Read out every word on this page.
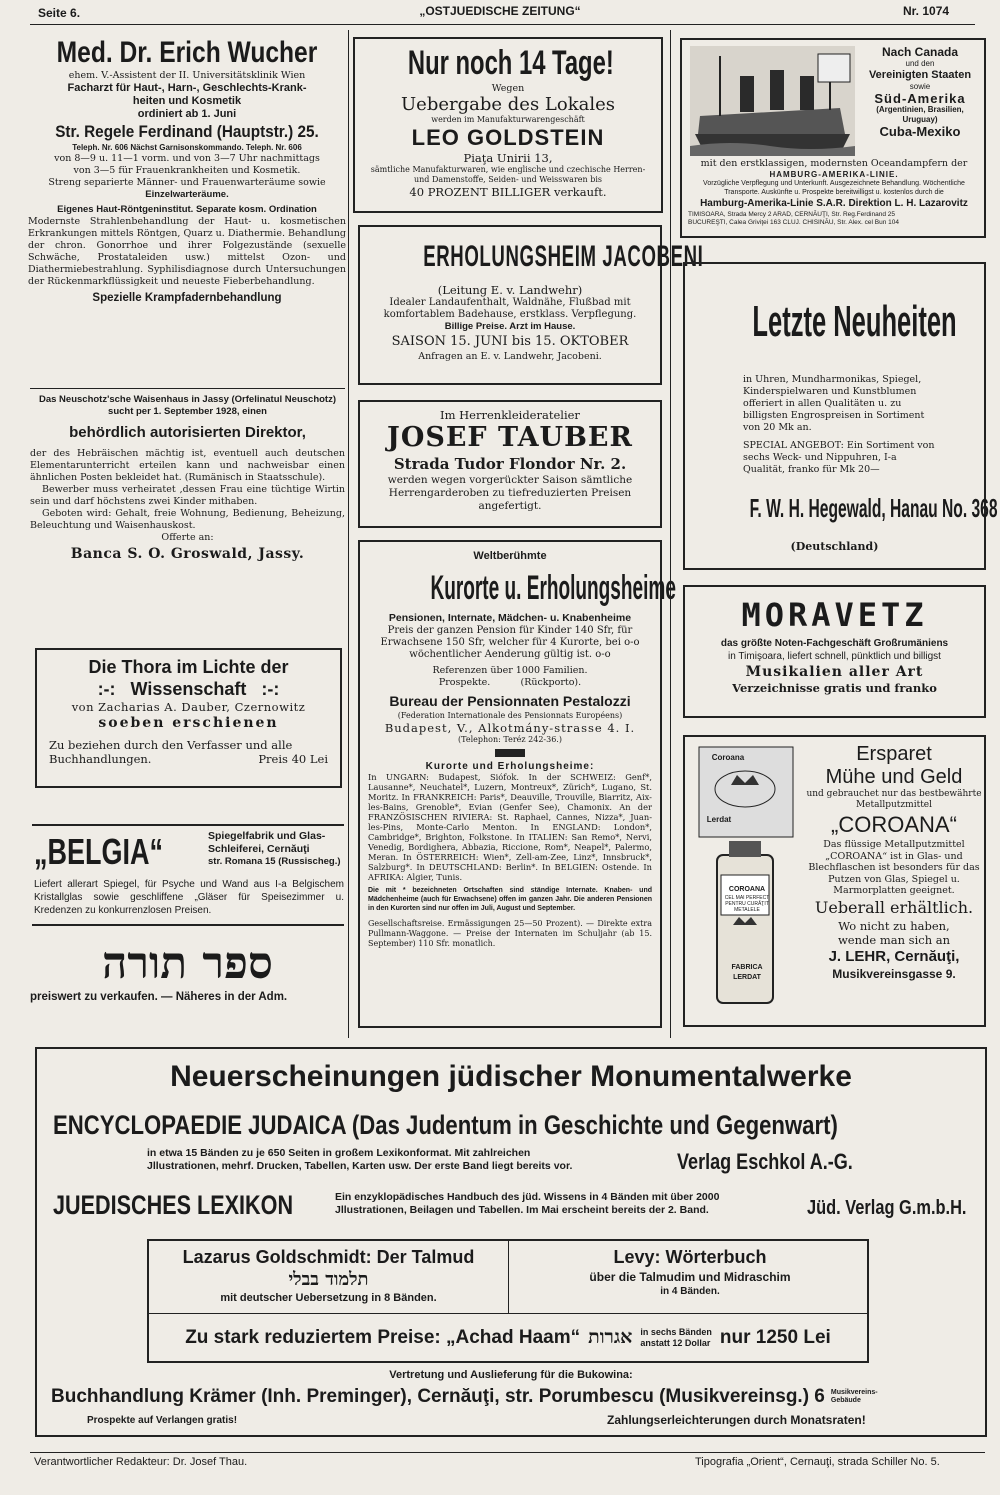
Seite 6.	„OSTJUEDISCHE ZEITUNG“	Nr. 1074
Med. Dr. Erich Wucher

ehem. V.-Assistent der II. Universitätsklinik Wien

Facharzt für Haut-, Harn-, Geschlechts-Krank-

heiten und Kosmetik

ordiniert ab 1. Juni

Str. Regele Ferdinand (Hauptstr.) 25.

Teleph. Nr. 606 Nächst Garnisonskommando. Teleph. Nr. 606

von 8—9 u. 11—1 vorm. und von 3—7 Uhr nachmittags

von 3—5 für Frauenkrankheiten und Kosmetik.

Streng separierte Männer- und Frauenwarteräume sowie

Einzelwarteräume.

Eigenes Haut-Röntgeninstitut. Separate kosm. Ordination

Modernste Strahlenbehandlung der Haut- u. kosmetischen Erkrankungen mittels Röntgen, Quarz u. Diathermie. Behandlung der chron. Gonorrhoe und ihrer Folgezustände (sexuelle Schwäche, Prostataleiden usw.) mittelst Ozon- und Diathermiebestrahlung. Syphilisdiagnose durch Untersuchungen der Rückenmarkflüssigkeit und neueste Fieberbehandlung.

Spezielle Krampfadernbehandlung

Das Neuschotz'sche Waisenhaus in Jassy (Orfelinatul Neuschotz) sucht per 1. September 1928, einen

behördlich autorisierten Direktor,

der des Hebräischen mächtig ist, eventuell auch deutschen Elementarunterricht erteilen kann und nachweisbar einen ähnlichen Posten bekleidet hat. (Rumänisch in Staatsschule).

Bewerber muss verheiratet ,dessen Frau eine tüchtige Wirtin sein und darf höchstens zwei Kinder mithaben.

Geboten wird: Gehalt, freie Wohnung, Bedienung, Beheizung, Beleuchtung und Waisenhauskost.

Offerte an:

Banca S. O. Groswald, Jassy.

Die Thora im Lichte der

:-:   Wissenschaft   :-:

von Zacharias A. Dauber, Czernowitz

soeben erschienen

Zu beziehen durch den Verfasser und alle

Buchhandlungen.	Preis 40 Lei
„BELGIA“	Spiegelfabrik und Glas-

Schleiferei, Cernăuţi

str. Romana 15 (Russischeg.)

Liefert allerart Spiegel, für Psyche und Wand aus I-a Belgischem Kristallglas sowie geschliffene „Gläser für Speisezimmer u. Kredenzen zu konkurrenzlosen Preisen.

ספר תורה

preiswert zu verkaufen. — Näheres in der Adm.

Nur noch 14 Tage!

Wegen

Uebergabe des Lokales

werden im Manufakturwarengeschäft

LEO GOLDSTEIN

Piaţa Unirii 13,

sämtliche Manufakturwaren, wie englische und czechische Herren- und Damenstoffe, Seiden- und Weisswaren bis

40 PROZENT BILLIGER verkauft.

ERHOLUNGSHEIM JACOBENI

(Leitung E. v. Landwehr)

Idealer Landaufenthalt, Waldnähe, Flußbad mit komfortablem Badehause, erstklass. Verpflegung.

Billige Preise. Arzt im Hause.

SAISON 15. JUNI bis 15. OKTOBER

Anfragen an E. v. Landwehr, Jacobeni.

Im Herrenkleideratelier

JOSEF TAUBER

Strada Tudor Flondor Nr. 2.

werden wegen vorgerückter Saison sämtliche Herrengarderoben zu tiefreduzierten Preisen angefertigt.

Weltberühmte

Kurorte u. Erholungsheime

Pensionen, Internate, Mädchen- u. Knabenheime

Preis der ganzen Pension für Kinder 140 Sfr, für Erwachsene 150 Sfr, welcher für 4 Kurorte, bei o-o wöchentlicher Aenderung gültig ist. o-o

Referenzen über 1000 Familien.

Prospekte.          (Rückporto).

Bureau der Pensionnaten Pestalozzi

(Federation Internationale des Pensionnats Européens)

Budapest, V., Alkotmány-strasse 4. I.

(Telephon: Teréz 242-36.)

Kurorte und Erholungsheime:

In UNGARN: Budapest, Siófok. In der SCHWEIZ: Genf*, Lausanne*, Neuchatel*, Luzern, Montreux*, Zürich*, Lugano, St. Moritz. In FRANKREICH: Paris*, Deauville, Trouville, Biarritz, Aix-les-Bains, Grenoble*, Evian (Genfer See), Chamonix. An der FRANZÖSISCHEN RIVIERA: St. Raphael, Cannes, Nizza*, Juan-les-Pins, Monte-Carlo Menton. In ENGLAND: London*, Cambridge*, Brighton, Folkstone. In ITALIEN: San Remo*, Nervi, Venedig, Bordighera, Abbazia, Riccione, Rom*, Neapel*, Palermo, Meran. In ÖSTERREICH: Wien*, Zell-am-Zee, Linz*, Innsbruck*, Salzburg*. In DEUTSCHLAND: Berlin*. In BELGIEN: Ostende. In AFRIKA: Algier, Tunis.

Die mit * bezeichneten Ortschaften sind ständige Internate. Knaben- und Mädchenheime (auch für Erwachsene) offen im ganzen Jahr. Die anderen Pensionen in den Kurorten sind nur offen im Juli, August und September.

Gesellschaftsreise. Ermässigungen 25—50 Prozent). — Direkte extra Pullmann-Waggone. — Preise der Internaten im Schuljahr (ab 15. September) 110 Sfr. monatlich.

Nach Canada

und den

Vereinigten Staaten

sowie

Süd-Amerika

(Argentinien, Brasilien,

Uruguay)

Cuba-Mexiko

mit den erstklassigen, modernsten Oceandampfern der

HAMBURG-AMERIKA-LINIE.

Vorzügliche Verpflegung und Unterkunft. Ausgezeichnete Behandlung. Wöchentliche Transporte. Auskünfte u. Prospekte bereitwilligst u. kostenlos durch die

Hamburg-Amerika-Linie S.A.R. Direktion L. H. Lazarovitz

TIMISOARA, Strada Mercy 2 ARAD, CERNĂUŢI, Str. Reg.Ferdinand 25

BUCUREŞTI, Calea Griviţei 163 CLUJ. CHISINĂU, Str. Alex. cel Bun 104

Letzte Neuheiten

in Uhren, Mundharmonikas, Spiegel, Kinderspielwaren und Kunstblumen offeriert in allen Qualitäten u. zu billigsten Engrospreisen in Sortiment von 20 Mk an.

SPECIAL ANGEBOT: Ein Sortiment von sechs Weck- und Nippuhren, I-a Qualität, franko für Mk 20—

F. W. H. Hegewald, Hanau No. 368

(Deutschland)

MORAVETZ

das größte Noten-Fachgeschäft Großrumäniens

in Timişoara, liefert schnell, pünktlich und billigst

Musikalien aller Art

Verzeichnisse gratis und franko

Coroana
Lerdat
COROANA
CEL MAI PERFECT PENTRU CURĂŢIT METALELE
FABRICA
LERDAT

Ersparet

Mühe und Geld

und gebrauchet nur das bestbewährte Metallputzmittel

„COROANA“

Das flüssige Metallputzmittel „COROANA“ ist in Glas- und Blechflaschen ist besonders für das Putzen von Glas, Spiegel u. Marmorplatten geeignet.

Ueberall erhältlich.

Wo nicht zu haben,

wende man sich an

J. LEHR, Cernăuţi,

Musikvereinsgasse 9.

Neuerscheinungen jüdischer Monumentalwerke

ENCYCLOPAEDIE JUDAICA (Das Judentum in Geschichte und Gegenwart)

in etwa 15 Bänden zu je 650 Seiten in großem Lexikonformat. Mit zahlreichen

Jllustrationen, mehrf. Drucken, Tabellen, Karten usw. Der erste Band liegt bereits vor.	Verlag Eschkol A.-G.
JUEDISCHES LEXIKON	Ein enzyklopädisches Handbuch des jüd. Wissens in 4 Bänden mit über 2000

Jllustrationen, Beilagen und Tabellen. Im Mai erscheint bereits der 2. Band.	Jüd. Verlag G.m.b.H.

Lazarus Goldschmidt: Der Talmud

תלמוד בבלי

mit deutscher Uebersetzung in 8 Bänden.

Levy: Wörterbuch

über die Talmudim und Midraschim

in 4 Bänden.

Zu stark reduziertem Preise: „Achad Haam“ אגרות in sechs Bänden
anstatt 12 Dollar nur 1250 Lei

Vertretung und Auslieferung für die Bukowina:

Buchhandlung Krämer (Inh. Preminger), Cernăuţi, str. Porumbescu (Musikvereinsg.) 6 Musikvereins-Gebäude

Prospekte auf Verlangen gratis!	Zahlungserleichterungen durch Monatsraten!

Verantwortlicher Redakteur: Dr. Josef Thau.	Tipografia „Orient“, Cernauţi, strada Schiller No. 5.
